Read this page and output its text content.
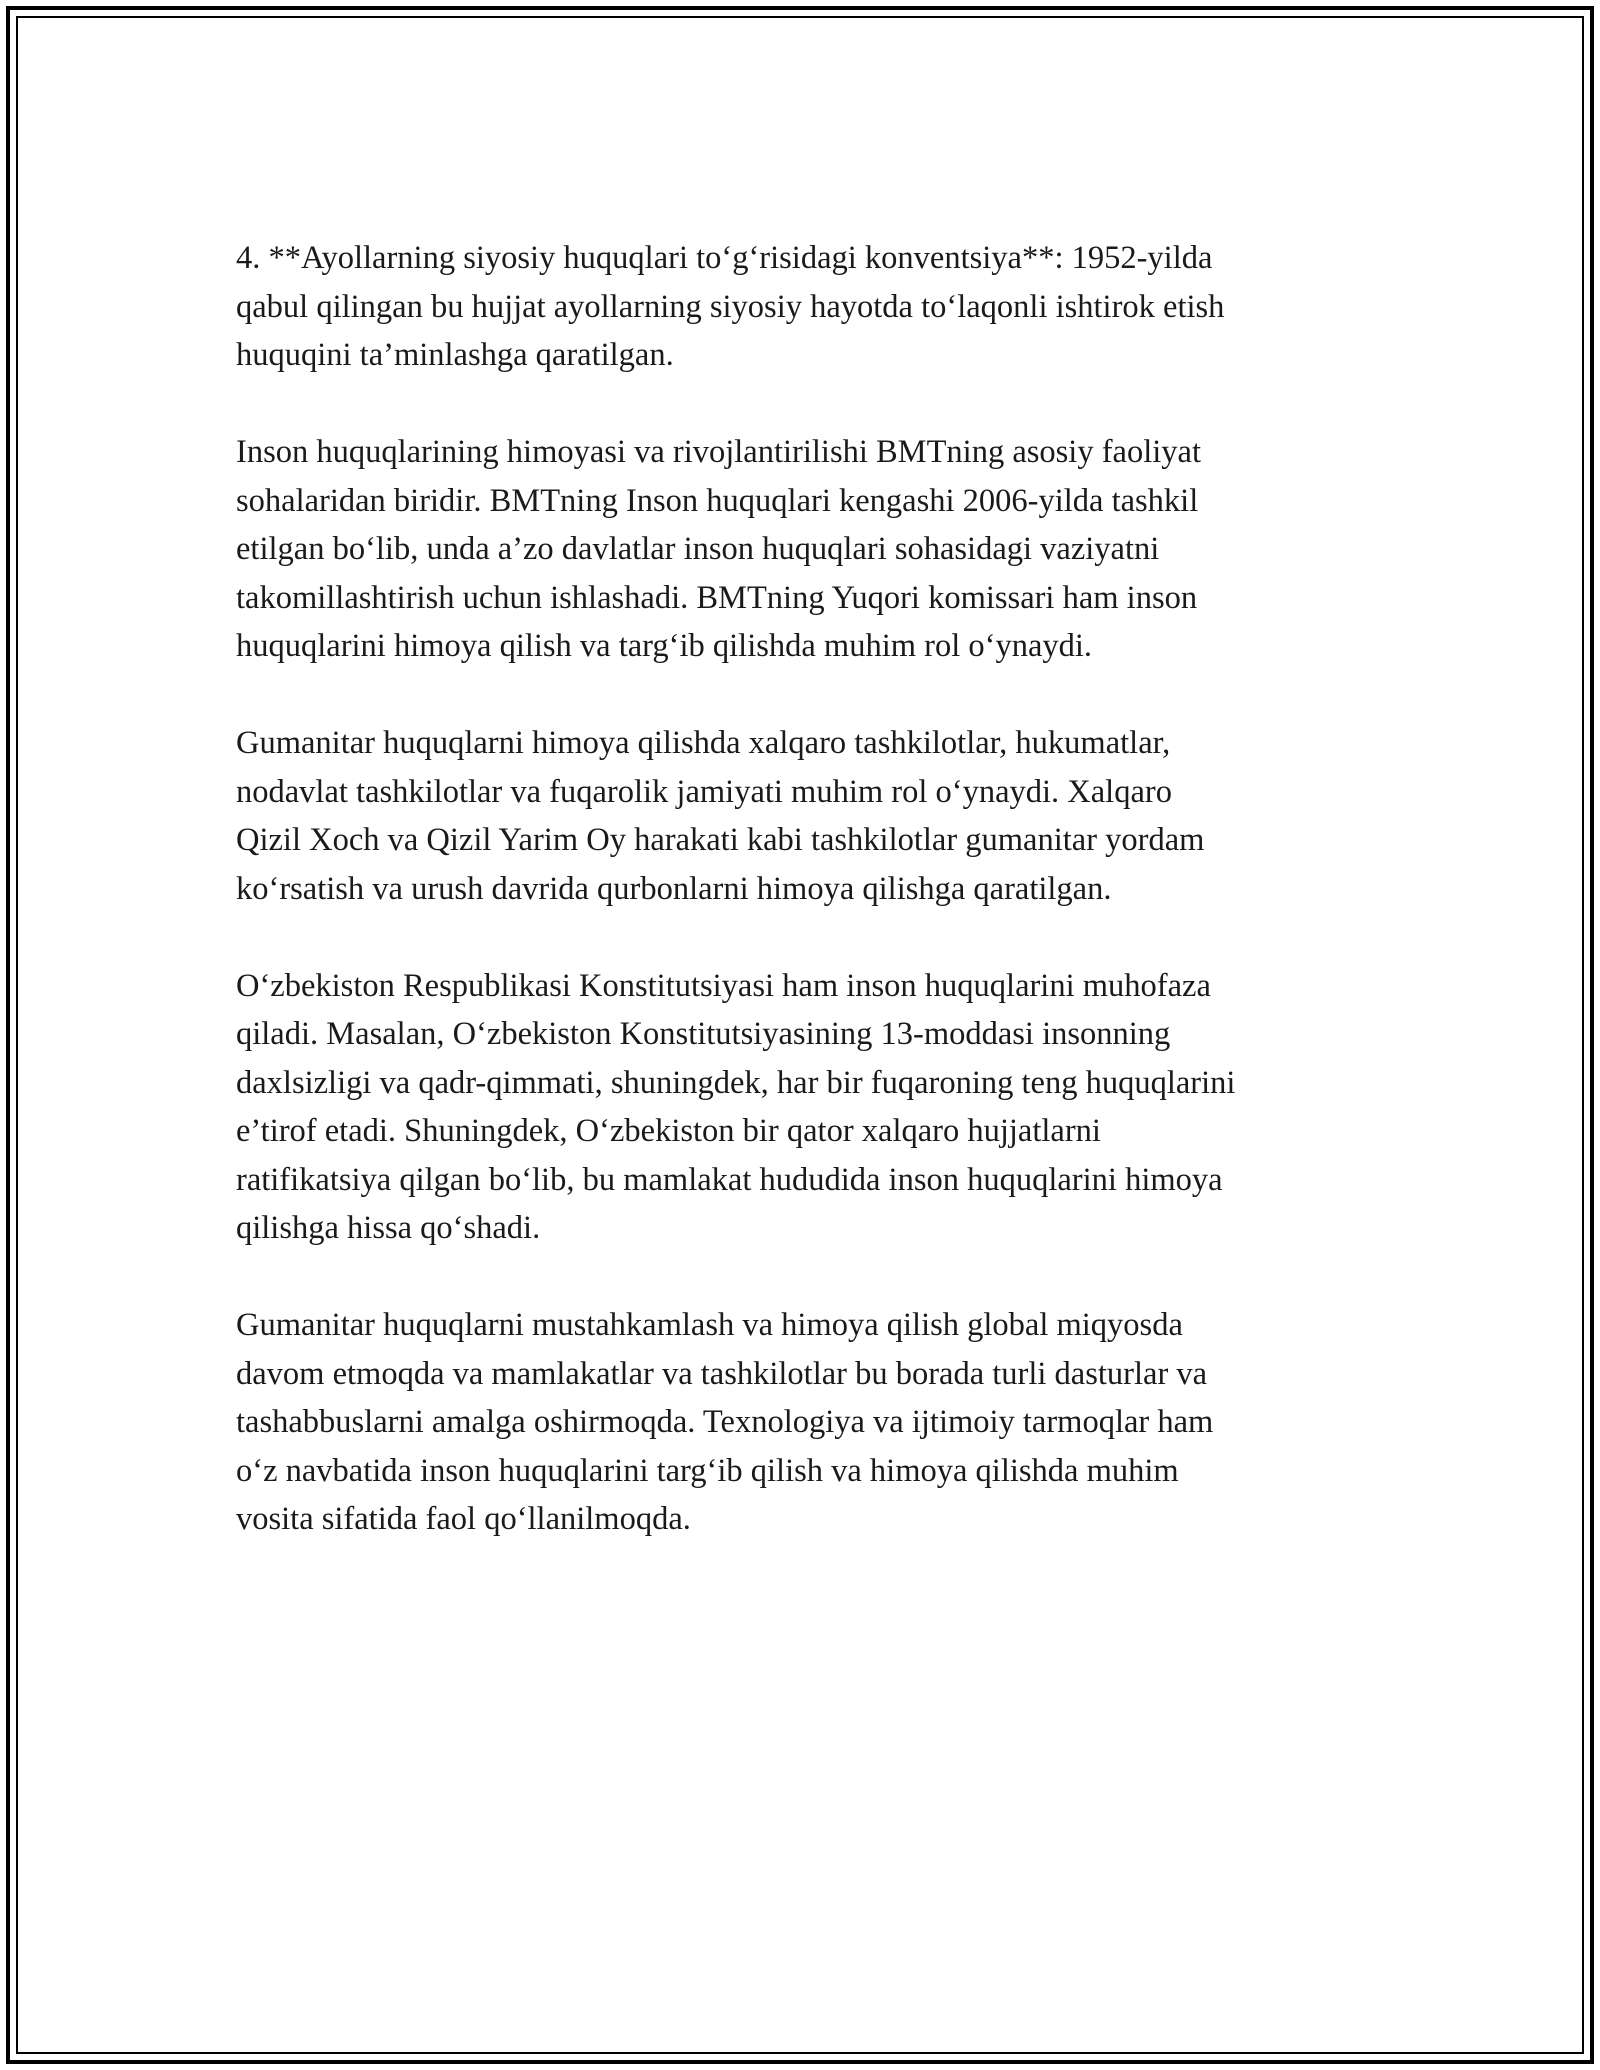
4. **Ayollarning siyosiy huquqlari to‘g‘risidagi konventsiya**: 1952-yilda
qabul qilingan bu hujjat ayollarning siyosiy hayotda to‘laqonli ishtirok etish
huquqini ta’minlashga qaratilgan.

Inson huquqlarining himoyasi va rivojlantirilishi BMTning asosiy faoliyat
sohalaridan biridir. BMTning Inson huquqlari kengashi 2006-yilda tashkil
etilgan bo‘lib, unda a’zo davlatlar inson huquqlari sohasidagi vaziyatni
takomillashtirish uchun ishlashadi. BMTning Yuqori komissari ham inson
huquqlarini himoya qilish va targ‘ib qilishda muhim rol o‘ynaydi.

Gumanitar huquqlarni himoya qilishda xalqaro tashkilotlar, hukumatlar,
nodavlat tashkilotlar va fuqarolik jamiyati muhim rol o‘ynaydi. Xalqaro
Qizil Xoch va Qizil Yarim Oy harakati kabi tashkilotlar gumanitar yordam
ko‘rsatish va urush davrida qurbonlarni himoya qilishga qaratilgan.

O‘zbekiston Respublikasi Konstitutsiyasi ham inson huquqlarini muhofaza
qiladi. Masalan, O‘zbekiston Konstitutsiyasining 13-moddasi insonning
daxlsizligi va qadr-qimmati, shuningdek, har bir fuqaroning teng huquqlarini
e’tirof etadi. Shuningdek, O‘zbekiston bir qator xalqaro hujjatlarni
ratifikatsiya qilgan bo‘lib, bu mamlakat hududida inson huquqlarini himoya
qilishga hissa qo‘shadi.

Gumanitar huquqlarni mustahkamlash va himoya qilish global miqyosda
davom etmoqda va mamlakatlar va tashkilotlar bu borada turli dasturlar va
tashabbuslarni amalga oshirmoqda. Texnologiya va ijtimoiy tarmoqlar ham
o‘z navbatida inson huquqlarini targ‘ib qilish va himoya qilishda muhim
vosita sifatida faol qo‘llanilmoqda.
